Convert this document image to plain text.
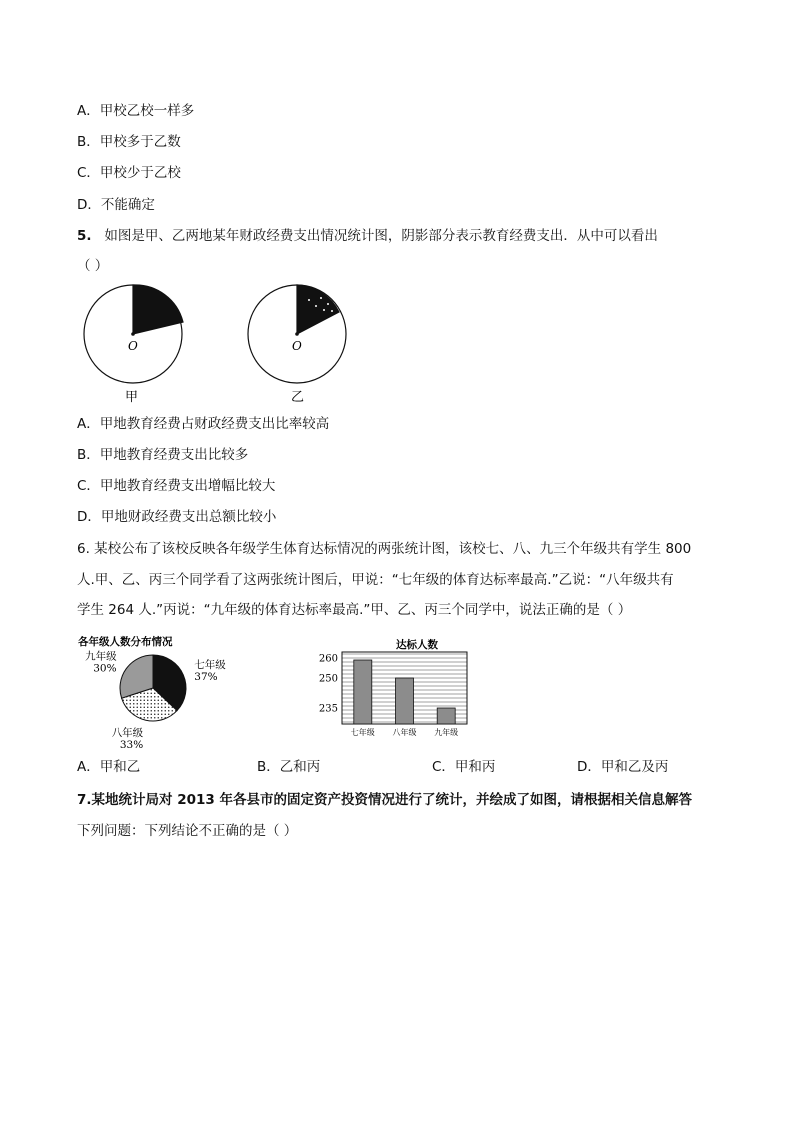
A．甲校乙校一样多
B．甲校多于乙数
C．甲校少于乙校
D．不能确定
5. 如图是甲、乙两地某年财政经费支出情况统计图，阴影部分表示教育经费支出．从中可以看出
（ ）
O
甲
O
乙
A．甲地教育经费占财政经费支出比率较高
B．甲地教育经费支出比较多
C．甲地教育经费支出增幅比较大
D．甲地财政经费支出总额比较小
6. 某校公布了该校反映各年级学生体育达标情况的两张统计图，该校七、八、九三个年级共有学生 800
人.甲、乙、丙三个同学看了这两张统计图后，甲说：“七年级的体育达标率最高.”乙说：“八年级共有
学生 264 人.”丙说：“九年级的体育达标率最高.”甲、乙、丙三个同学中，说法正确的是（ ）
各年级人数分布情况
七年级
37%
八年级
33%
九年级
30%
达标人数
235
250
260
七年级 八年级 九年级
A．甲和乙	B．乙和丙	C．甲和丙	D．甲和乙及丙
7.某地统计局对 2013 年各县市的固定资产投资情况进行了统计，并绘成了如图，请根据相关信息解答
下列问题：下列结论不正确的是（ ）
